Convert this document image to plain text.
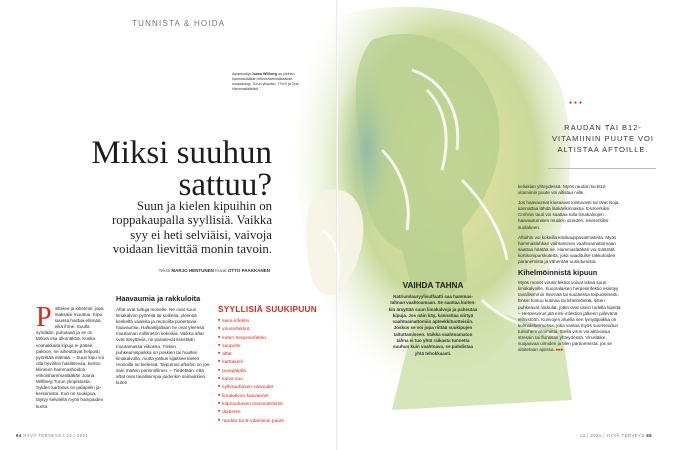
TUNNISTA & HOIDA
Asiantuntija Joana Willberg on yleinen hammaslääkäri erikoishammaslääkäri, suupatologi, Turun yliopisto, TYKS ja Oral Hammaslääkärit.
Miksi suuhun sattuu?
Suun ja kielen kipuihin on roppakaupalla syyllisiä. Vaikka syy ei heti selviäisi, vaivoja voidaan lievittää monin tavoin.
Teksti MARJO HENTUNEN Kuvat OTTO PAAKKANEN
P olttelee ja kihelmöi, jopa maksaisi muuttuu. Kipu suussa haittaa elämää, eikä ihme. Suulla syödään, puhutaan ja se on tärkeä osa ulkonäköä. Koska voimakkaita kipuja ei pääse pakoon, ne aiheuttavat helposti pyörittää elämää. – Suun kipu voi olla hyvinkin haitlitsevaa, kertoo kliininen hammashoidon erikoishammaslääkäri Joana Willberg Turun yliopistosta. Syiden kartoitus on palapelin jakentamista. Kun on suukipua, täytyy selvitellä myös hampaiden kunto.
Haavaumia ja rakkuloita
Aftat ovat tuttuja monelle. Ne ovat suun limakalvon pyöreitä tai soikeita, yleensä keskeltä vaaleita ja reunoilta punertavia haavaumia. Halkaisijaltaan ne ovat yleensä muutaman millimetrin kokoisia. Vaikka aftat ovat ärsyttäviä, ne paranevat itsestään muutamassa viikossa. Yleisin puhkeamispaikka on poskien tai huulten limakalvolla, mutta joskus sijaitsee kielen reunoilla tai kielessä. Taipumus aftoihin on jossain määrin perinnöllinen. – Tiedetään, että aftat ovat tavallisimpia joidenkin sairauksien, kuten
SYYLLISIÄ SUUKIPUUN
■ sieni-infektio
■ virusinfektiot,
■ kuten herpesinfektio
■ suupolte
■ aftat
■ karttakieli
■ punajäkälä
■ kuiva suu
■ sylkirauhasen sairaudet
■ limakalvon kasvaimet
■ kilpirauhasen toimintahäiriöt
■ diabetes
■ raudan tai B-vitamiinin puute
VAIHDA TAHNA

Natriumlauryylisulfaatti saa hammastahnan vaahtoamaan. Se saattaa kuitenkin ärsyttää suun limakalvoja ja paheutaa kipuja. Jos näin käy, kannattaa siirtyä vaahtoamattomiin apteekkituotteisiin. Joskus se voi jopa riittää suukipujen taltuttamiseen. Vaikka vaahtoamaton tahna ei tuo yhtä raikasta tunnetta suuhun kuin vaahtoava, se puhdistaa yhtä tehokkaasti.

●●●
RAUDAN TAI B12-VITAMIININ PUUTE VOI ALTISTAA AFTOILLE.

keliakian yhteydessä. Myös raudan tai B12-vitamiinin puute voi altistaa niille.

Jos haavaumat kiusaavat toistuvasti tai ovat isoja, kannattaa lähdä lääkärikinnaksa. Esimerkiksi Crohnin tauti voi saattaa tulla limakalvojen haavautumisen muiden oireiden, esimerkiksi suolakeen.

Aftoihin voi kokeilla kiisikauppavalmisteita. Myös hammaslahkan vaihtaminen vaahtoamattomaan saattaa häätää ne. Hammaslääkäri voi määrätä kortisonipurskuteita, joka vaaditulse rakkuloiden paranemista ja vähentää uusiutumista.

Kihelmöinnistä kipuun

Myös monet virusinfektiot voivat iskeä suun limakalvoille. Suomalaisen herpesinfektio esiintyy tavallisimmin ilmenää tai suulaessa toipuoleisesti. Ensin tuntuu kutinaa tai kihelmöintiä, sitten puhkeavat rakkulat, jotka ovat usein todella kipeitä. – Herpesvirus jää ensi-infektion jälkeen piilevänä elimistöön. Kuvvojen aluella sen lymyäpaikka on kolmoishermossa, joka vastaa myös suunseudun tuntohermotoiminta. Siellä virus voi aktivoitua stressin tai flunssan yhteydessä. Virusläike suojaavaa uimiden ja tilen paranemista, jos se aloitetaan ajoissa. ▸▸▸

64 HYVÄ TERVEYS / 13 / 2021	13 / 2021 / HYVÄ TERVEYS 65
